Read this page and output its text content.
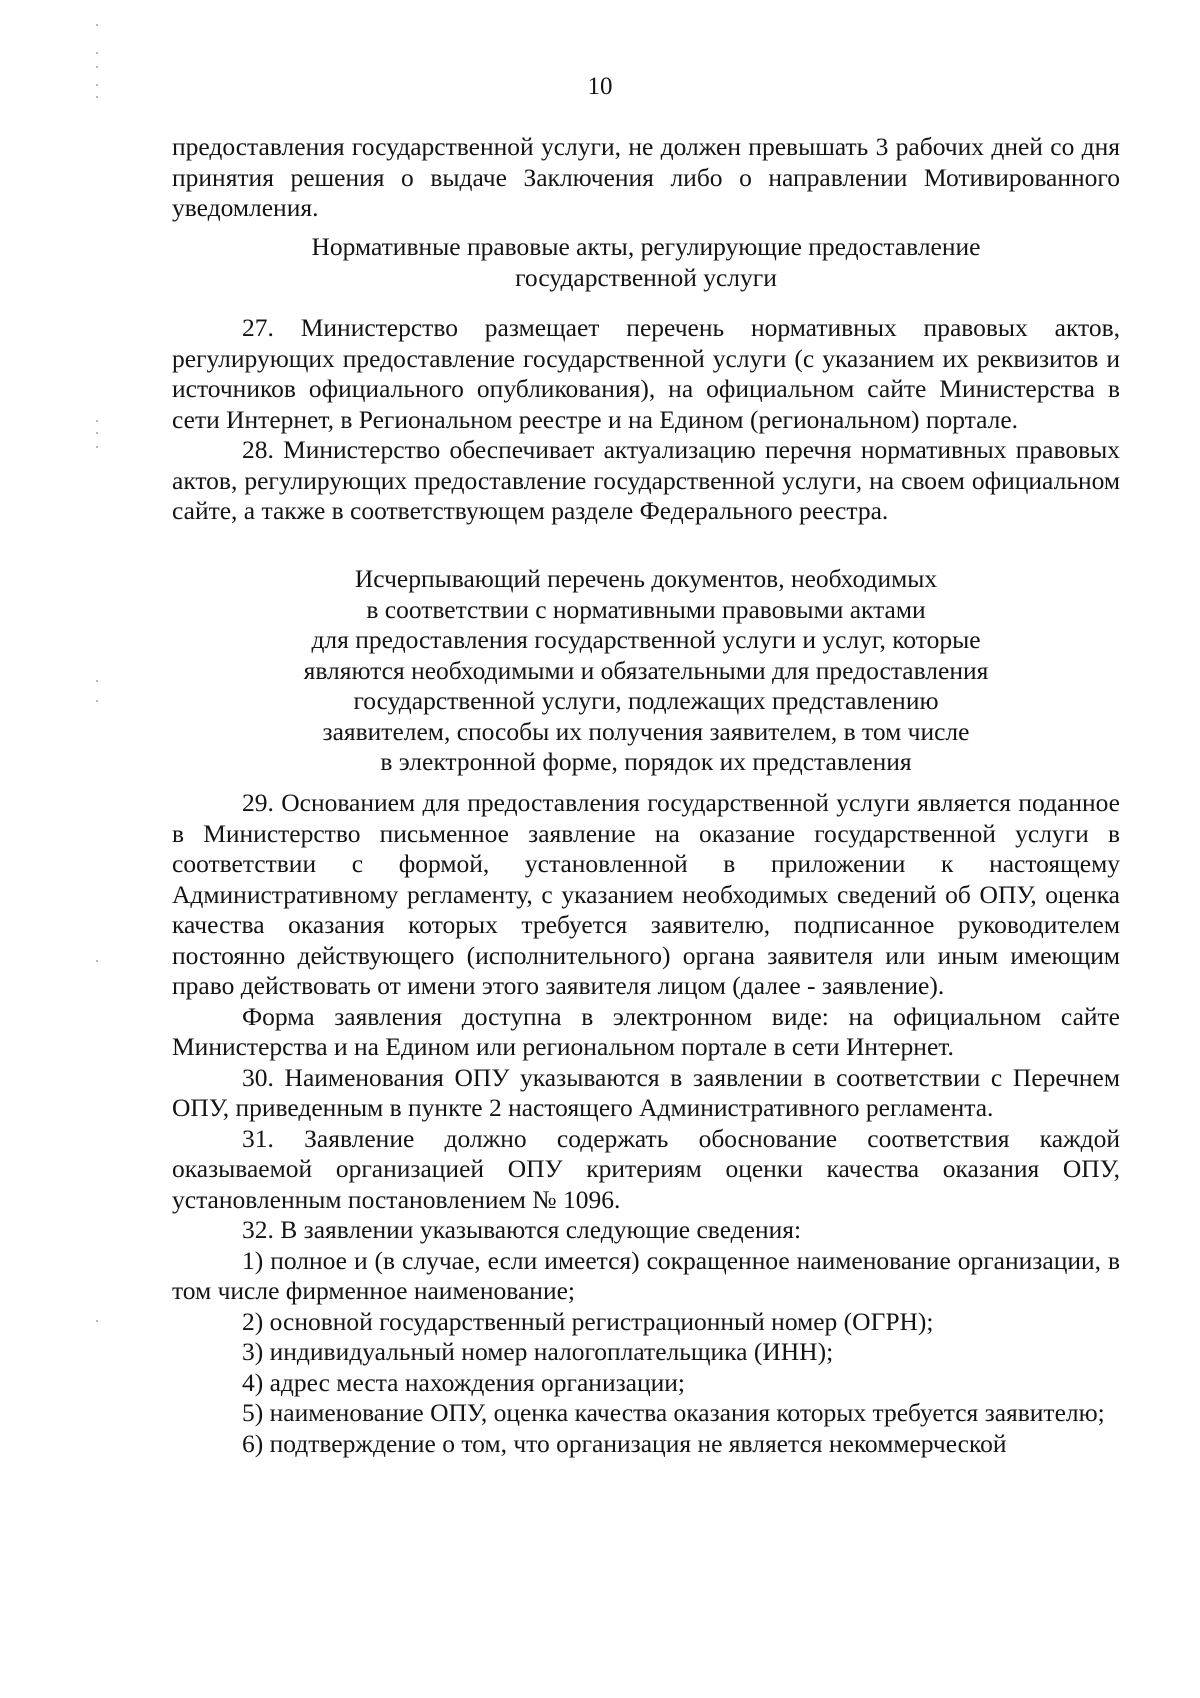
10

предоставления государственной услуги, не должен превышать 3 рабочих дней со дня принятия решения о выдаче Заключения либо о направлении Мотивированного уведомления.

Нормативные правовые акты, регулирующие предоставление
государственной услуги

27. Министерство размещает перечень нормативных правовых актов, регулирующих предоставление государственной услуги (с указанием их реквизитов и источников официального опубликования), на официальном сайте Министерства в сети Интернет, в Региональном реестре и на Едином (региональном) портале.

28. Министерство обеспечивает актуализацию перечня нормативных правовых актов, регулирующих предоставление государственной услуги, на своем официальном сайте, а также в соответствующем разделе Федерального реестра.

Исчерпывающий перечень документов, необходимых
в соответствии с нормативными правовыми актами
для предоставления государственной услуги и услуг, которые
являются необходимыми и обязательными для предоставления
государственной услуги, подлежащих представлению
заявителем, способы их получения заявителем, в том числе
в электронной форме, порядок их представления

29. Основанием для предоставления государственной услуги является поданное в Министерство письменное заявление на оказание государственной услуги в соответствии с формой, установленной в приложении к настоящему Административному регламенту, с указанием необходимых сведений об ОПУ, оценка качества оказания которых требуется заявителю, подписанное руководителем постоянно действующего (исполнительного) органа заявителя или иным имеющим право действовать от имени этого заявителя лицом (далее - заявление).

Форма заявления доступна в электронном виде: на официальном сайте Министерства и на Едином или региональном портале в сети Интернет.

30. Наименования ОПУ указываются в заявлении в соответствии с Перечнем ОПУ, приведенным в пункте 2 настоящего Административного регламента.

31. Заявление должно содержать обоснование соответствия каждой оказываемой организацией ОПУ критериям оценки качества оказания ОПУ, установленным постановлением № 1096.

32. В заявлении указываются следующие сведения:

1) полное и (в случае, если имеется) сокращенное наименование организации, в том числе фирменное наименование;

2) основной государственный регистрационный номер (ОГРН);

3) индивидуальный номер налогоплательщика (ИНН);

4) адрес места нахождения организации;

5) наименование ОПУ, оценка качества оказания которых требуется заявителю;

6) подтверждение о том, что организация не является некоммерческой
